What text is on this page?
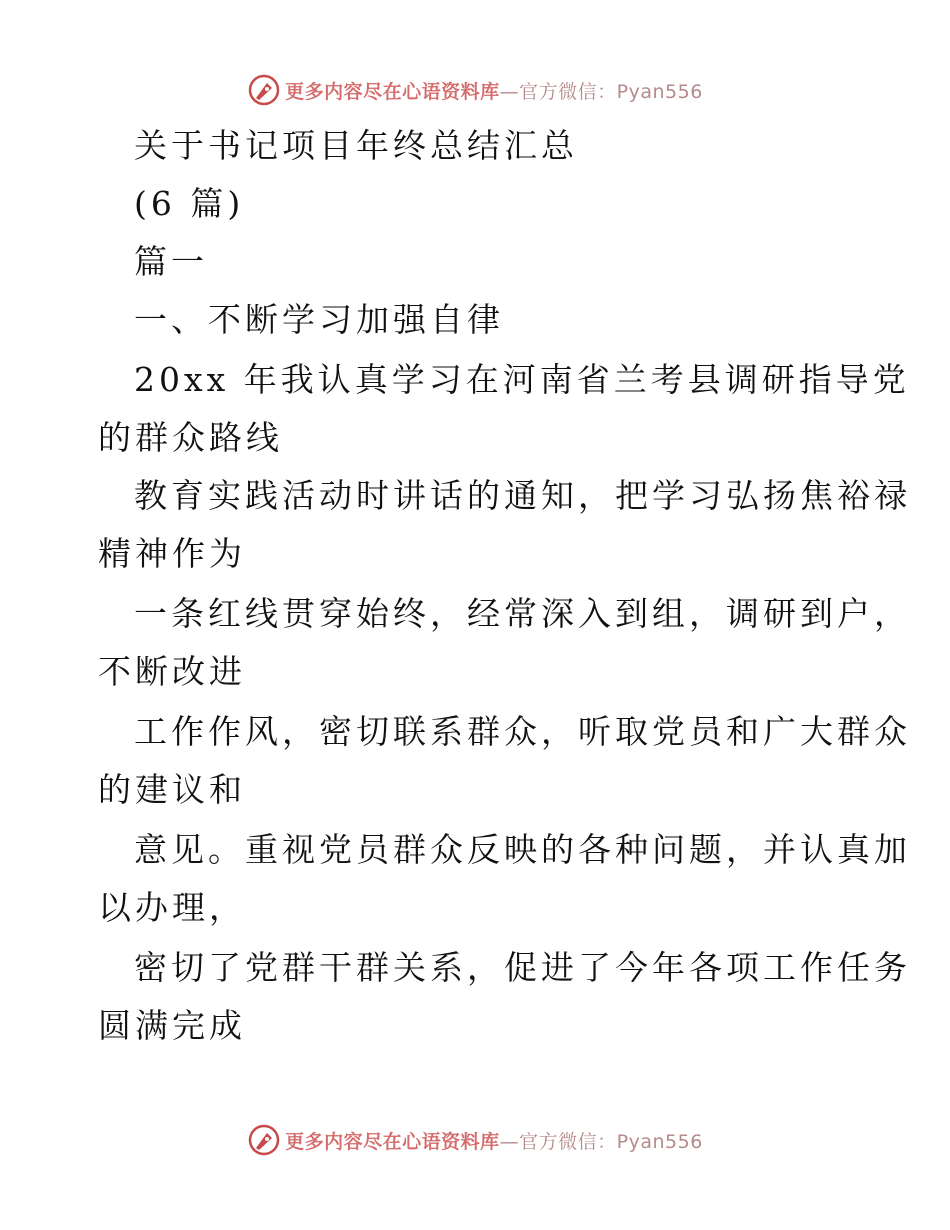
更多内容尽在心语资料库 —官方微信：Pyan556
关于书记项目年终总结汇总
(6 篇)
篇一
一、不断学习加强自律
20xx 年我认真学习在河南省兰考县调研指导党
的群众路线
教育实践活动时讲话的通知，把学习弘扬焦裕禄
精神作为
一条红线贯穿始终，经常深入到组，调研到户，
不断改进
工作作风，密切联系群众，听取党员和广大群众
的建议和
意见。重视党员群众反映的各种问题，并认真加
以办理，
密切了党群干群关系，促进了今年各项工作任务
圆满完成
更多内容尽在心语资料库 —官方微信：Pyan556
